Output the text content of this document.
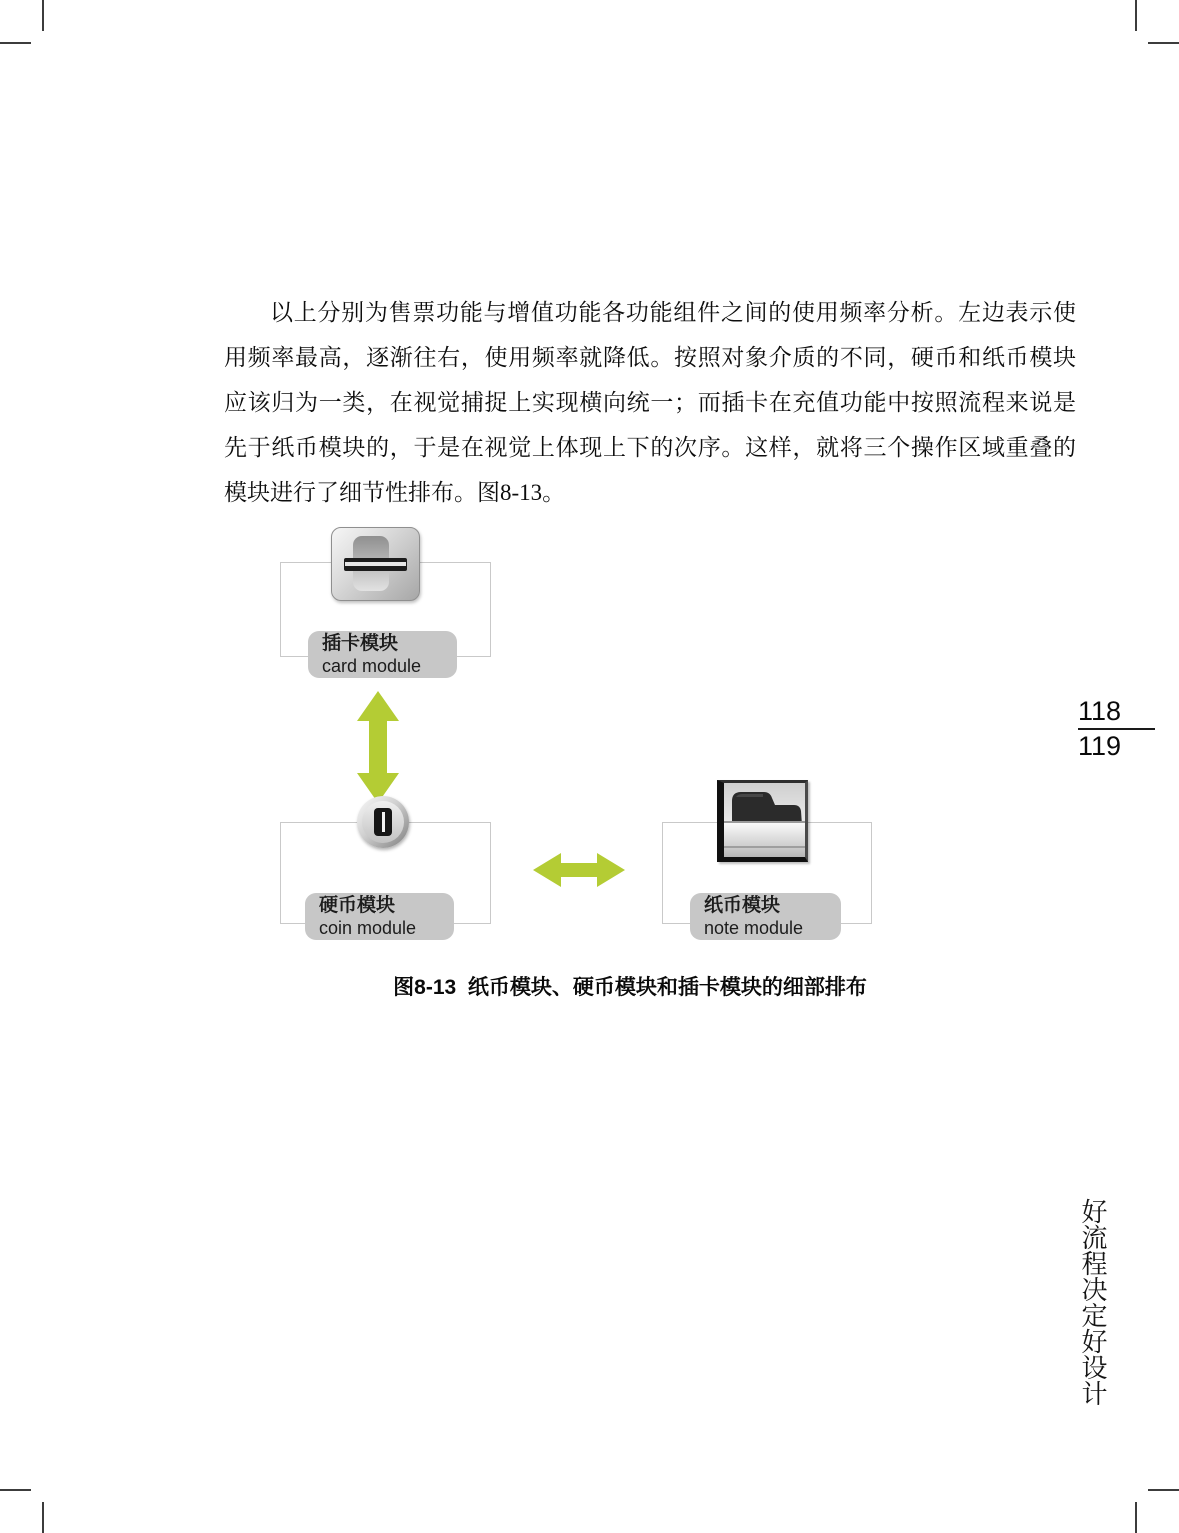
以上分别为售票功能与增值功能各功能组件之间的使用频率分析。左边表示使
用频率最高，逐渐往右，使用频率就降低。按照对象介质的不同，硬币和纸币模块
应该归为一类，在视觉捕捉上实现横向统一；而插卡在充值功能中按照流程来说是
先于纸币模块的，于是在视觉上体现上下的次序。这样，就将三个操作区域重叠的
模块进行了细节性排布。图8-13。
插卡模块
card module
硬币模块
coin module
纸币模块
note module
图8-13  纸币模块、硬币模块和插卡模块的细部排布
118
119
好流程决定好设计
